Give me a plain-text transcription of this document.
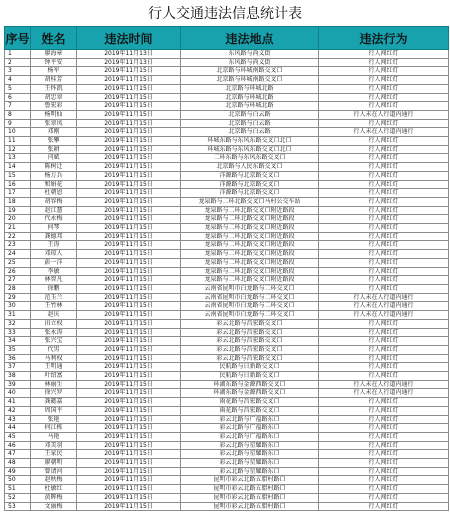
行人交通违法信息统计表
序号	姓名	违法时间	违法地点	违法行为
1	廖海章	2019年11月13日	东风路与尚义街	行人闯红灯
2	钟平安	2019年11月13日	东风路与尚义街	行人闯红灯
3	杨军	2019年11月15日	北京路与环城南路交叉口	行人闯红灯
4	胡桂芳	2019年11月15日	北京路与环城南路交叉口	行人闯红灯
5	王怀凯	2019年11月15日	北京路与环城北路	行人闯红灯
6	胡忠翠	2019年11月15日	北京路与环城北路	行人闯红灯
7	鲁宏彩	2019年11月15日	北京路与环城北路	行人闯红灯
8	杨明仙	2019年11月15日	北京路与白云路	行人未在人行道内通行
9	张翠凤	2019年11月15日	北京路与白云路	行人闯红灯
10	邓刚	2019年11月15日	北京路与白云路	行人未在人行道内通行
11	张攀	2019年11月15日	环城东路与东风东路交叉口北口	行人闯红灯
12	张耕	2019年11月15日	环城东路与东风东路交叉口北口	行人闯红灯
13	闫斌	2019年11月15日	二环东路与东风东路交叉口	行人闯红灯
14	陈树迁	2019年11月15日	北京路与人民东路交叉口	行人闯红灯
15	杨万兵	2019年11月15日	洋源路与北京路交叉口	行人闯红灯
16	和娟花	2019年11月15日	洋源路与北京路交叉口	行人闯红灯
17	杜朝恩	2019年11月15日	洋源路与北京路交叉口	行人闯红灯
18	胡容梅	2019年11月15日	龙泉路与二环北路交叉口马村公交车站	行人闯红灯
19	赵江慧	2019年11月15日	龙泉路与二环北路交叉口附近路段	行人闯红灯
20	代永梅	2019年11月15日	龙泉路与二环北路交叉口附近路段	行人闯红灯
21	何琴	2019年11月15日	龙泉路与二环北路交叉口附近路段	行人闯红灯
22	龚德邦	2019年11月15日	龙泉路与二环北路交叉口附近路段	行人闯红灯
23	王涛	2019年11月15日	龙泉路与二环北路交叉口附近路段	行人闯红灯
24	邓琼人	2019年11月15日	龙泉路与二环北路交叉口附近路段	行人闯红灯
25	彭一洋	2019年11月15日	龙泉路与二环北路交叉口附近路段	行人闯红灯
26	李敏	2019年11月15日	龙泉路与二环北路交叉口附近路段	行人闯红灯
27	林智凡	2019年11月15日	龙泉路与二环北路交叉口附近路段	行人闯红灯
28	徐鹏	2019年11月15日	云南省昆明市白龙路与二环交叉口	行人闯红灯
29	范玉兰	2019年11月15日	云南省昆明市白龙路与二环交叉口	行人未在人行道内通行
30	王竹林	2019年11月15日	云南省昆明市白龙路与二环交叉口	行人未在人行道内通行
31	赵庆	2019年11月15日	云南省昆明市白龙路与二环交叉口	行人未在人行道内通行
32	田立权	2019年11月15日	彩云北路与昌宏路交叉口	行人闯红灯
33	张永涛	2019年11月15日	彩云北路与昌宏路交叉口	行人闯红灯
34	张兴宝	2019年11月15日	彩云北路与昌宏路交叉口	行人闯红灯
35	代男	2019年11月15日	彩云北路与昌宏路交叉口	行人闯红灯
36	马利权	2019年11月15日	彩云北路与昌宏路交叉口	行人闯红灯
37	王明通	2019年11月15日	民航路与日新路交叉口	行人闯红灯
38	叶绍富	2019年11月15日	民航路与日新路交叉口	行人闯红灯
39	林丽生	2019年11月15日	环湖东路与金源西路交叉口	行人未在人行道内通行
40	徐兴罗	2019年11月15日	环湖东路与金源西路交叉口	行人未在人行道内通行
41	龚懿嘉	2019年11月15日	雨花路与昌宏路交叉口	行人闯红灯
42	周国平	2019年11月15日	雨花路与昌宏路交叉口	行人闯红灯
43	张艳	2019年11月15日	彩云北路与广福路东口	行人闯红灯
44	何江栋	2019年11月15日	彩云北路与广福路东口	行人闯红灯
45	马艳	2019年11月15日	彩云北路与广福路东口	行人闯红灯
46	邓美羽	2019年11月15日	彩云北路与星耀路东口	行人闯红灯
47	王家民	2019年11月15日	彩云北路与星耀路东口	行人闯红灯
48	廖朝明	2019年11月15日	彩云北路与星耀路东口	行人闯红灯
49	曾请河	2019年11月15日	彩云北路与星耀路东口	行人闯红灯
50	赵秋梅	2019年11月15日	昆明市彩云北路五腊村路口	行人闯红灯
51	杜敏红	2019年11月15日	昆明市彩云北路五腊村路口	行人闯红灯
52	黄晖梅	2019年11月15日	昆明市彩云北路五腊村路口	行人闯红灯
53	文丽梅	2019年11月15日	昆明市彩云北路五腊村路口	行人闯红灯
